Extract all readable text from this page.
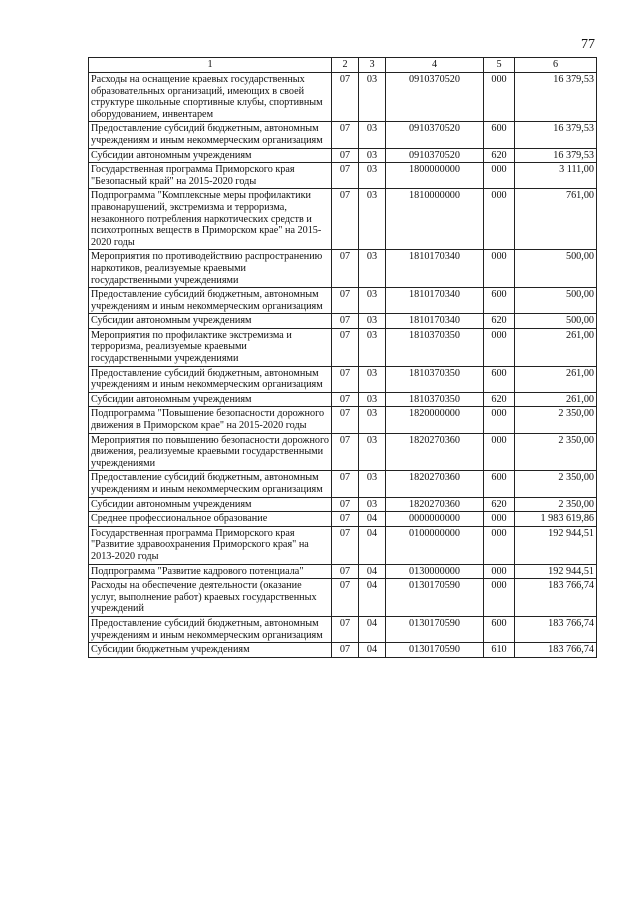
77
1	2	3	4	5	6
Расходы на оснащение краевых государственных образовательных организаций, имеющих в своей структуре школьные спортивные клубы, спортивным оборудованием, инвентарем	07	03	0910370520	000	16 379,53
Предоставление субсидий бюджетным, автономным учреждениям и иным некоммерческим организациям	07	03	0910370520	600	16 379,53
Субсидии автономным учреждениям	07	03	0910370520	620	16 379,53
Государственная программа Приморского края "Безопасный край" на 2015-2020 годы	07	03	1800000000	000	3 111,00
Подпрограмма "Комплексные меры профилактики правонарушений, экстремизма и терроризма, незаконного потребления наркотических средств и психотропных веществ в Приморском крае" на 2015-2020 годы	07	03	1810000000	000	761,00
Мероприятия по противодействию распространению наркотиков, реализуемые краевыми государственными учреждениями	07	03	1810170340	000	500,00
Предоставление субсидий бюджетным, автономным учреждениям и иным некоммерческим организациям	07	03	1810170340	600	500,00
Субсидии автономным учреждениям	07	03	1810170340	620	500,00
Мероприятия по профилактике экстремизма и терроризма, реализуемые краевыми государственными учреждениями	07	03	1810370350	000	261,00
Предоставление субсидий бюджетным, автономным учреждениям и иным некоммерческим организациям	07	03	1810370350	600	261,00
Субсидии автономным учреждениям	07	03	1810370350	620	261,00
Подпрограмма "Повышение безопасности дорожного движения в Приморском крае" на 2015-2020 годы	07	03	1820000000	000	2 350,00
Мероприятия по повышению безопасности дорожного движения, реализуемые краевыми государственными учреждениями	07	03	1820270360	000	2 350,00
Предоставление субсидий бюджетным, автономным учреждениям и иным некоммерческим организациям	07	03	1820270360	600	2 350,00
Субсидии автономным учреждениям	07	03	1820270360	620	2 350,00
Среднее профессиональное образование	07	04	0000000000	000	1 983 619,86
Государственная программа Приморского края "Развитие здравоохранения Приморского края" на 2013-2020 годы	07	04	0100000000	000	192 944,51
Подпрограмма "Развитие кадрового потенциала"	07	04	0130000000	000	192 944,51
Расходы на обеспечение деятельности (оказание услуг, выполнение работ) краевых государственных учреждений	07	04	0130170590	000	183 766,74
Предоставление субсидий бюджетным, автономным учреждениям и иным некоммерческим организациям	07	04	0130170590	600	183 766,74
Субсидии бюджетным учреждениям	07	04	0130170590	610	183 766,74
